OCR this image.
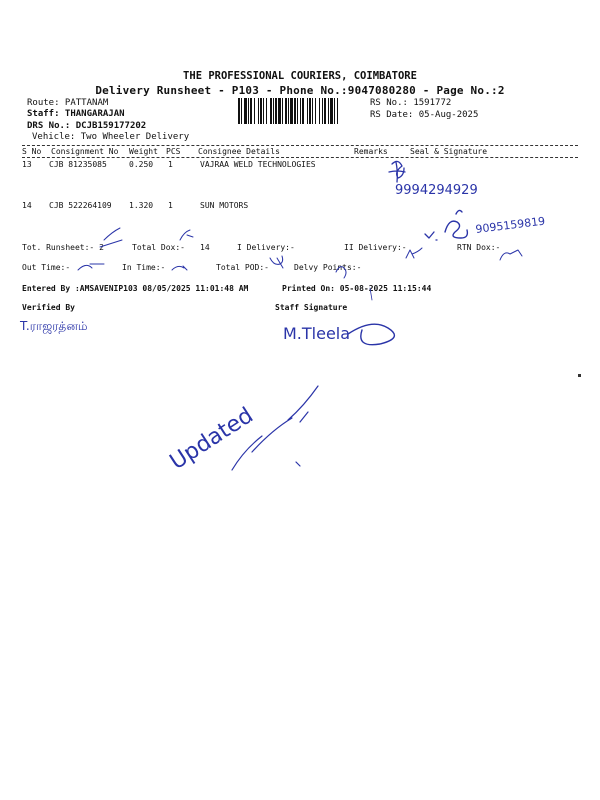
THE PROFESSIONAL COURIERS, COIMBATORE
Delivery Runsheet - P103 - Phone No.:9047080280 - Page No.:2
Route: PATTANAM
Staff: THANGARAJAN
DRS No.: DCJB159177202
Vehicle: Two Wheeler Delivery
RS No.: 1591772
RS Date: 05-Aug-2025
S No Consignment No Weight PCS Consignee Details	Remarks	Seal & Signature
13 CJB 81235085	0.250 1	VAJRAA WELD TECHNOLOGIES
14 CJB 522264109 1.320 1	SUN MOTORS
Tot. Runsheet:- 2	Total Dox:- 14	I Delivery:-	II Delivery:-	RTN Dox:-
Out Time:-	In Time:-	Total POD:-	Delvy Points:-
Entered By :AMSAVENIP103 08/05/2025 11:01:48 AM	Printed On: 05-08-2025 11:15:44
Verified By	Staff Signature
9994294929
9095159819
T.ராஜரத்னம்	M.Tleela
Updated
